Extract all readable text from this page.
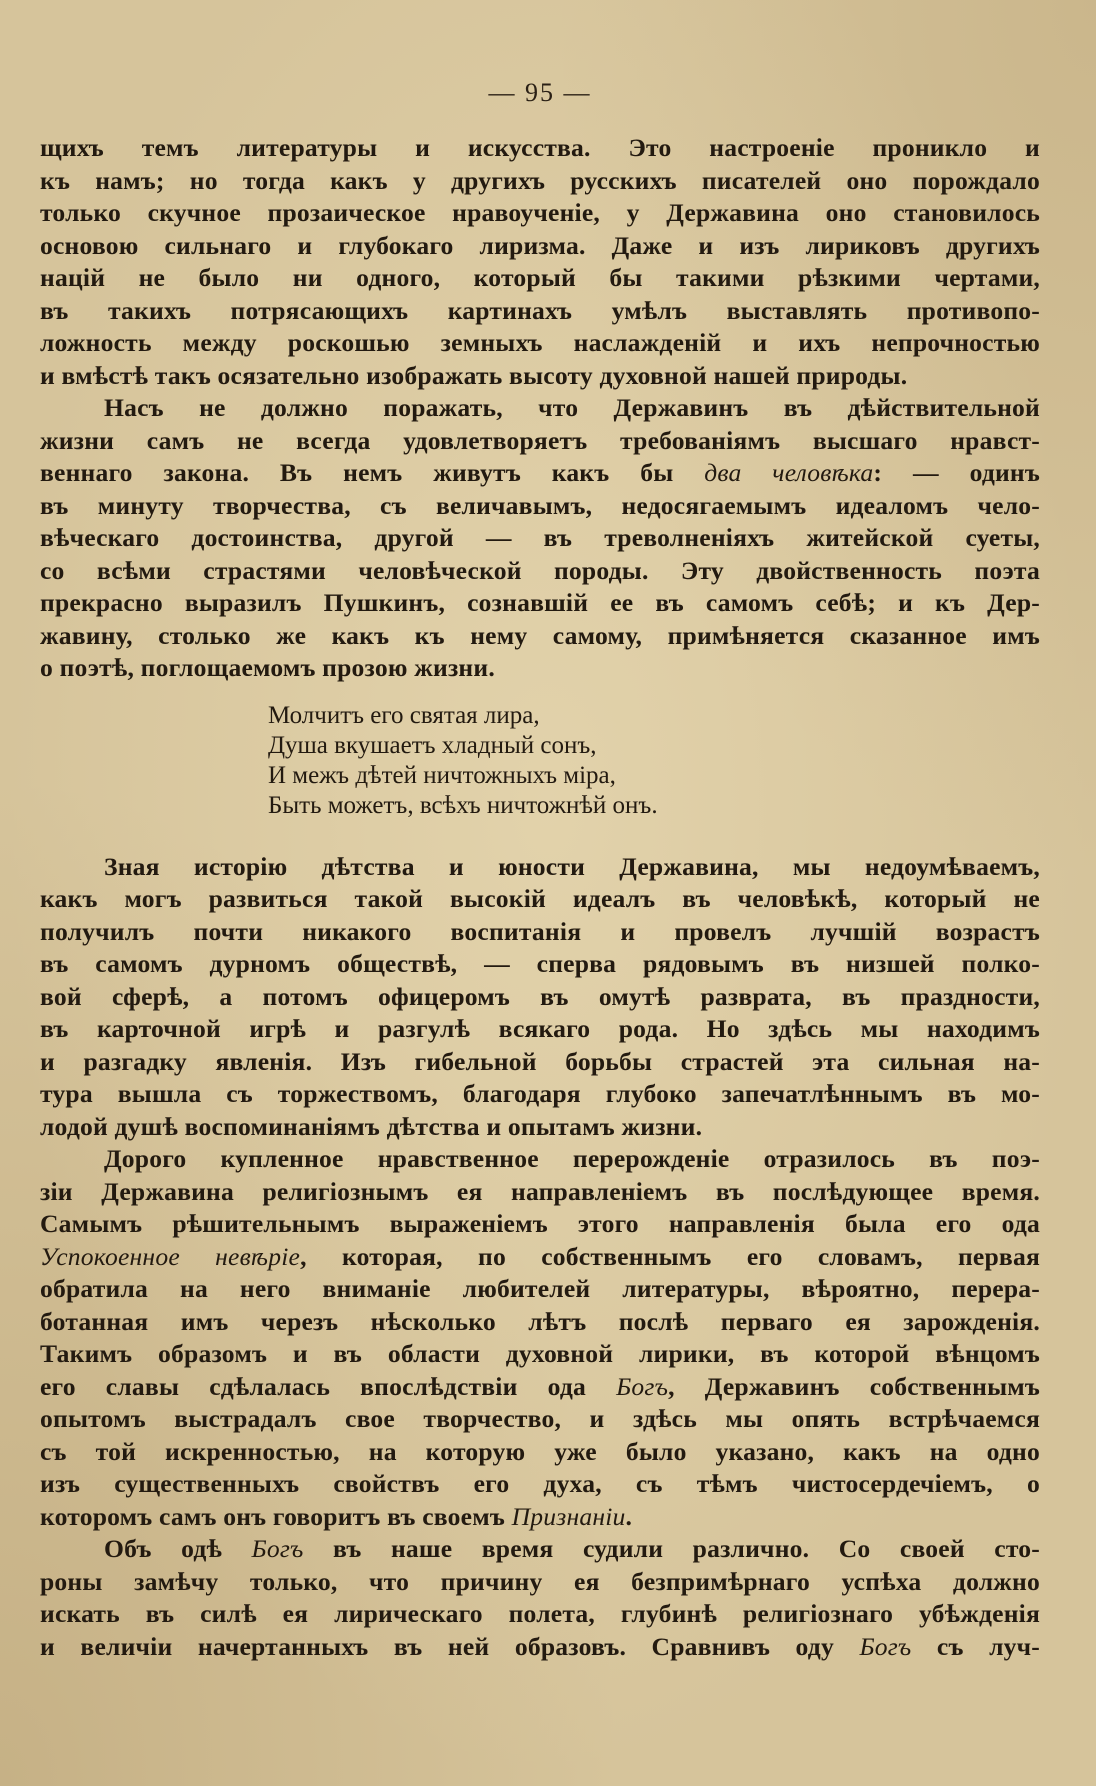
— 95 —
щихъ темъ литературы и искусства. Это настроеніе проникло и
къ намъ; но тогда какъ у другихъ русскихъ писателей оно порождало
только скучное прозаическое нравоученіе, у Державина оно становилось
основою сильнаго и глубокаго лиризма. Даже и изъ лириковъ другихъ
націй не было ни одного, который бы такими рѣзкими чертами,
въ такихъ потрясающихъ картинахъ умѣлъ выставлять противопо-
ложность между роскошью земныхъ наслажденій и ихъ непрочностью
и вмѣстѣ такъ осязательно изображать высоту духовной нашей природы.
Насъ не должно поражать, что Державинъ въ дѣйствительной
жизни самъ не всегда удовлетворяетъ требованіямъ высшаго нравст-
веннаго закона. Въ немъ живутъ какъ бы два человѣка: — одинъ
въ минуту творчества, съ величавымъ, недосягаемымъ идеаломъ чело-
вѣческаго достоинства, другой — въ треволненіяхъ житейской суеты,
со всѣми страстями человѣческой породы. Эту двойственность поэта
прекрасно выразилъ Пушкинъ, сознавшій ее въ самомъ себѣ; и къ Дер-
жавину, столько же какъ къ нему самому, примѣняется сказанное имъ
о поэтѣ, поглощаемомъ прозою жизни.
Молчитъ его святая лира,
Душа вкушаетъ хладный сонъ,
И межъ дѣтей ничтожныхъ міра,
Быть можетъ, всѣхъ ничтожнѣй онъ.
Зная исторію дѣтства и юности Державина, мы недоумѣваемъ,
какъ могъ развиться такой высокій идеалъ въ человѣкѣ, который не
получилъ почти никакого воспитанія и провелъ лучшій возрастъ
въ самомъ дурномъ обществѣ, — сперва рядовымъ въ низшей полко-
вой сферѣ, а потомъ офицеромъ въ омутѣ разврата, въ праздности,
въ карточной игрѣ и разгулѣ всякаго рода. Но здѣсь мы находимъ
и разгадку явленія. Изъ гибельной борьбы страстей эта сильная на-
тура вышла съ торжествомъ, благодаря глубоко запечатлѣннымъ въ мо-
лодой душѣ воспоминаніямъ дѣтства и опытамъ жизни.
Дорого купленное нравственное перерожденіе отразилось въ поэ-
зіи Державина религіознымъ ея направленіемъ въ послѣдующее время.
Самымъ рѣшительнымъ выраженіемъ этого направленія была его ода
Успокоенное невѣріе, которая, по собственнымъ его словамъ, первая
обратила на него вниманіе любителей литературы, вѣроятно, перера-
ботанная имъ черезъ нѣсколько лѣтъ послѣ перваго ея зарожденія.
Такимъ образомъ и въ области духовной лирики, въ которой вѣнцомъ
его славы сдѣлалась впослѣдствіи ода Богъ, Державинъ собственнымъ
опытомъ выстрадалъ свое творчество, и здѣсь мы опять встрѣчаемся
съ той искренностью, на которую уже было указано, какъ на одно
изъ существенныхъ свойствъ его духа, съ тѣмъ чистосердечіемъ, о
которомъ самъ онъ говоритъ въ своемъ Признаніи.
Объ одѣ Богъ въ наше время судили различно. Со своей сто-
роны замѣчу только, что причину ея безпримѣрнаго успѣха должно
искать въ силѣ ея лирическаго полета, глубинѣ религіознаго убѣжденія
и величіи начертанныхъ въ ней образовъ. Сравнивъ оду Богъ съ луч-
